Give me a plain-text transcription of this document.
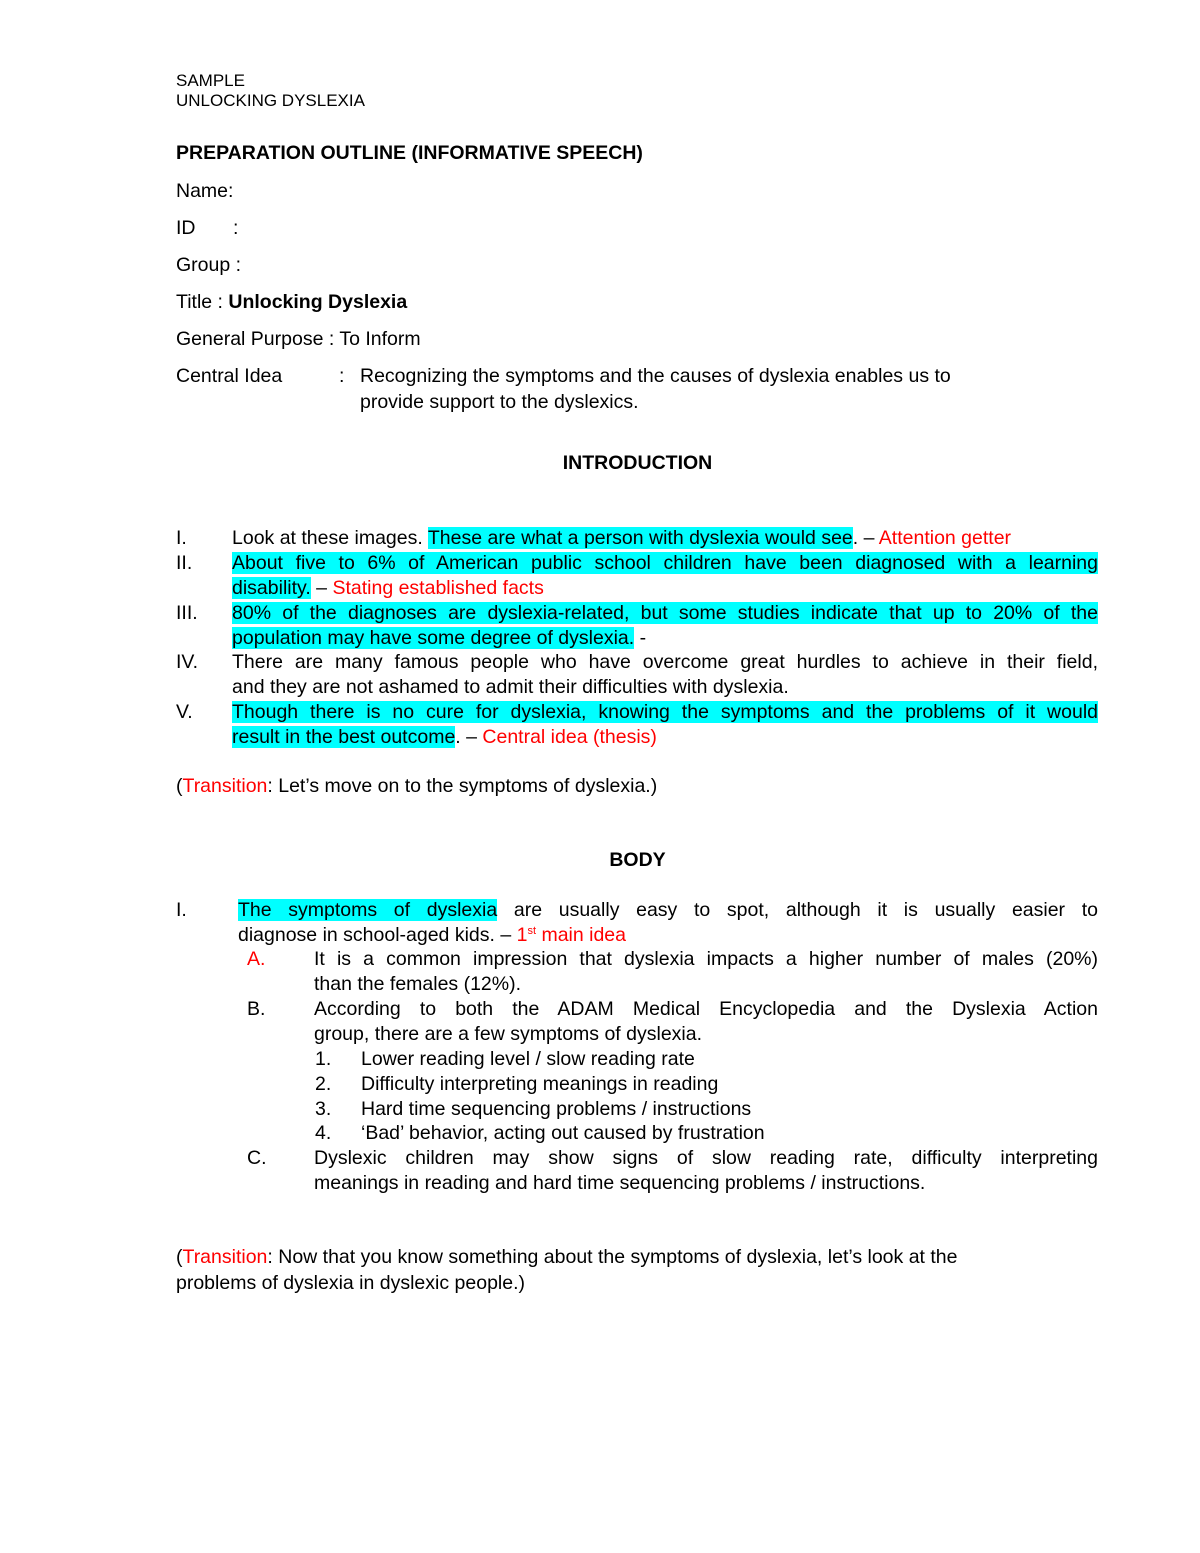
SAMPLE
UNLOCKING DYSLEXIA
PREPARATION OUTLINE (INFORMATIVE SPEECH)
Name:
ID :
Group :
Title : Unlocking Dyslexia
General Purpose : To Inform
Central Idea	: Recognizing the symptoms and the causes of dyslexia enables us to
provide support to the dyslexics.
INTRODUCTION
I. Look at these images. These are what a person with dyslexia would see. – Attention getter
II. About five to 6% of American public school children have been diagnosed with a learning
disability. – Stating established facts
III. 80% of the diagnoses are dyslexia-related, but some studies indicate that up to 20% of the
population may have some degree of dyslexia. -
IV. There are many famous people who have overcome great hurdles to achieve in their field,
and they are not ashamed to admit their difficulties with dyslexia.
V. Though there is no cure for dyslexia, knowing the symptoms and the problems of it would
result in the best outcome. – Central idea (thesis)
(Transition: Let’s move on to the symptoms of dyslexia.)
BODY
I.	The symptoms of dyslexia are usually easy to spot, although it is usually easier to
diagnose in school-aged kids. – 1st main idea
A. It is a common impression that dyslexia impacts a higher number of males (20%)
than the females (12%).
B. According to both the ADAM Medical Encyclopedia and the Dyslexia Action
group, there are a few symptoms of dyslexia.
1. Lower reading level / slow reading rate
2. Difficulty interpreting meanings in reading
3. Hard time sequencing problems / instructions
4. ‘Bad’ behavior, acting out caused by frustration
C. Dyslexic children may show signs of slow reading rate, difficulty interpreting
meanings in reading and hard time sequencing problems / instructions.
(Transition: Now that you know something about the symptoms of dyslexia, let’s look at the
problems of dyslexia in dyslexic people.)
